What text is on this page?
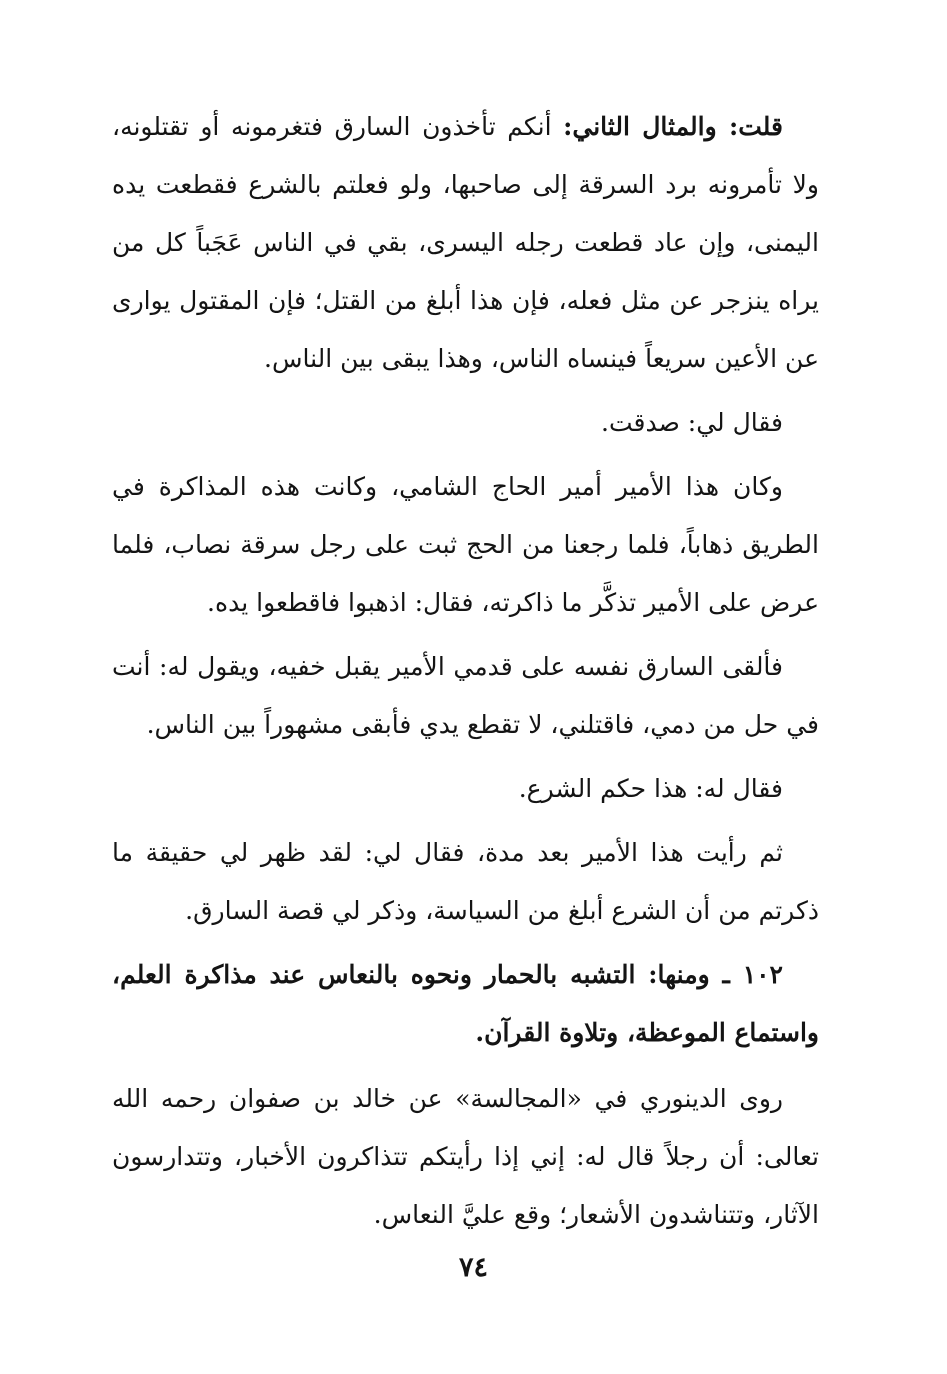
قلت: والمثال الثاني: أنكم تأخذون السارق فتغرمونه أو تقتلونه، ولا تأمرونه برد السرقة إلى صاحبها، ولو فعلتم بالشرع فقطعت يده اليمنى، وإن عاد قطعت رجله اليسرى، بقي في الناس عَجَباً كل من يراه ينزجر عن مثل فعله، فإن هذا أبلغ من القتل؛ فإن المقتول يوارى عن الأعين سريعاً فينساه الناس، وهذا يبقى بين الناس.

فقال لي: صدقت.

وكان هذا الأمير أمير الحاج الشامي، وكانت هذه المذاكرة في الطريق ذهاباً، فلما رجعنا من الحج ثبت على رجل سرقة نصاب، فلما عرض على الأمير تذكَّر ما ذاكرته، فقال: اذهبوا فاقطعوا يده.

فألقى السارق نفسه على قدمي الأمير يقبل خفيه، ويقول له: أنت في حل من دمي، فاقتلني، لا تقطع يدي فأبقى مشهوراً بين الناس.

فقال له: هذا حكم الشرع.

ثم رأيت هذا الأمير بعد مدة، فقال لي: لقد ظهر لي حقيقة ما ذكرتم من أن الشرع أبلغ من السياسة، وذكر لي قصة السارق.

١٠٢ ـ ومنها: التشبه بالحمار ونحوه بالنعاس عند مذاكرة العلم، واستماع الموعظة، وتلاوة القرآن.

روى الدينوري في «المجالسة» عن خالد بن صفوان رحمه الله تعالى: أن رجلاً قال له: إني إذا رأيتكم تتذاكرون الأخبار، وتتدارسون الآثار، وتتناشدون الأشعار؛ وقع عليَّ النعاس.

٧٤
